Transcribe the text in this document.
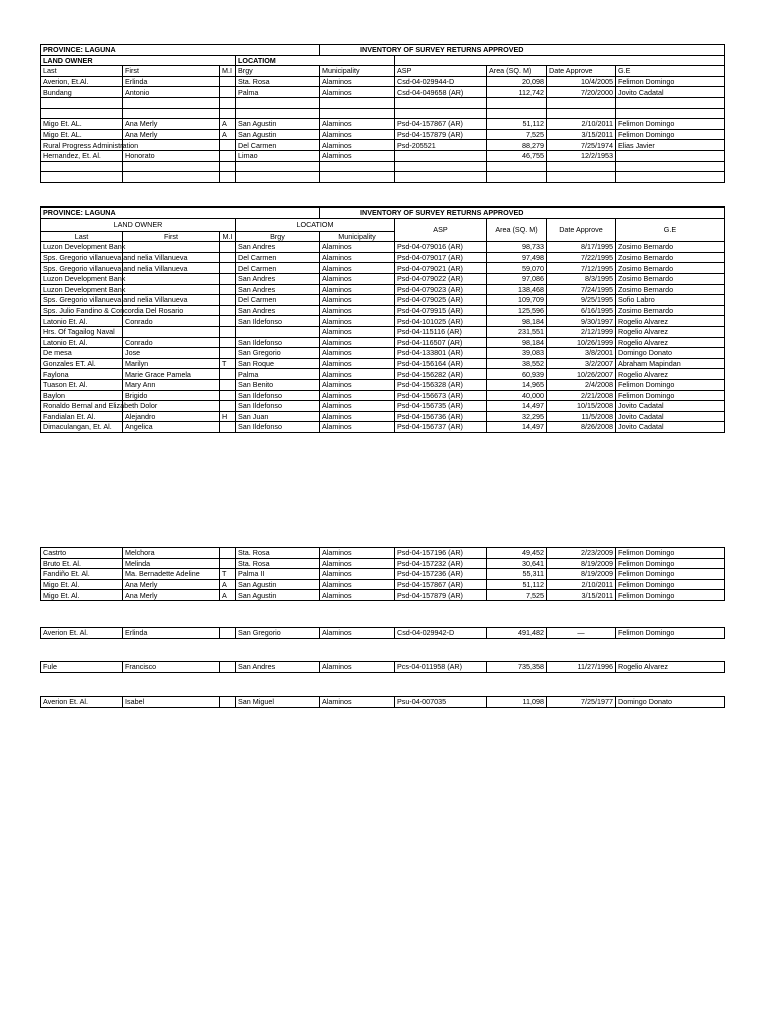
PROVINCE: LAGUNA				INVENTORY OF SURVEY RETURNS APPROVED				
LAND OWNER			LOCATIOM					
Last	First	M.I	Brgy	Municipality	ASP	Area (SQ. M)	Date Approve	G.E
Averion, Et.Al.	Erlinda		Sta. Rosa	Alaminos	Csd-04-029944-D	20,098	10/4/2005	Felimon Domingo
Bundang	Antonio		Palma	Alaminos	Csd-04-049658 (AR)	112,742	7/20/2000	Jovito Cadatal

Migo Et. AL.	Ana Merly	A	San Agustin	Alaminos	Psd-04-157867 (AR)	51,112	2/10/2011	Felimon Domingo
Migo Et. AL.	Ana Merly	A	San Agustin	Alaminos	Psd-04-157879 (AR)	7,525	3/15/2011	Felimon Domingo
Rural Progress Administration			Del Carmen	Alaminos	Psd-205521	88,279	7/25/1974	Elias Javier
Hernandez, Et. Al.	Honorato		Limao	Alaminos		46,755	12/2/1953	

PROVINCE: LAGUNA				INVENTORY OF SURVEY RETURNS APPROVED				
LAND OWNER			LOCATIOM		ASP	Area (SQ. M)	Date Approve	G.E
Last	First	M.I	Brgy	Municipality				
Luzon Development Bank			San Andres	Alaminos	Psd-04-079016 (AR)	98,733	8/17/1995	Zosimo Bernardo
Sps. Gregorio villanueva and nelia Villanueva			Del Carmen	Alaminos	Psd-04-079017 (AR)	97,498	7/22/1995	Zosimo Bernardo
Sps. Gregorio villanueva and nelia Villanueva			Del Carmen	Alaminos	Psd-04-079021 (AR)	59,070	7/12/1995	Zosimo Bernardo
Luzon Development Bank			San Andres	Alaminos	Psd-04-079022 (AR)	97,086	8/3/1995	Zosimo Bernardo
Luzon Development Bank			San Andres	Alaminos	Psd-04-079023 (AR)	138,468	7/24/1995	Zosimo Bernardo
Sps. Gregorio villanueva and nelia Villanueva			Del Carmen	Alaminos	Psd-04-079025 (AR)	109,709	9/25/1995	Sofio Labro
Sps. Julio Fandino & Concordia Del Rosario			San Andres	Alaminos	Psd-04-079915 (AR)	125,596	6/16/1995	Zosimo Bernardo
Latonio Et. Al.	Conrado		San Ildefonso	Alaminos	Psd-04-101025 (AR)	98,184	9/30/1997	Rogelio Alvarez
Hrs. Of Tagailog Naval				Alaminos	Psd-04-115116 (AR)	231,551	2/12/1999	Rogelio Alvarez
Latonio Et. Al.	Conrado		San Ildefonso	Alaminos	Psd-04-116507 (AR)	98,184	10/26/1999	Rogelio Alvarez
De mesa	Jose		San Gregorio	Alaminos	Psd-04-133801 (AR)	39,083	3/8/2001	Domingo Donato
Gonzales ET. Al.	Marilyn	T	San Roque	Alaminos	Psd-04-156164 (AR)	38,552	3/2/2007	Abraham Mapindan
Faylona	Marie Grace Pamela		Palma	Alaminos	Psd-04-156282 (AR)	60,939	10/26/2007	Rogelio Alvarez
Tuason Et. Al.	Mary Ann		San Benito	Alaminos	Psd-04-156328 (AR)	14,965	2/4/2008	Felimon Domingo
Baylon	Brigido		San Ildefonso	Alaminos	Psd-04-156673 (AR)	40,000	2/21/2008	Felimon Domingo
Ronaldo Bernal and Elizabeth Dolor			San Ildefonso	Alaminos	Psd-04-156735 (AR)	14,497	10/15/2008	Jovito Cadatal
Fandialan Et. Al.	Alejandro	H	San Juan	Alaminos	Psd-04-156736 (AR)	32,295	11/5/2008	Jovito Cadatal
Dimaculangan, Et. Al.	Angelica		San Ildefonso	Alaminos	Psd-04-156737 (AR)	14,497	8/26/2008	Jovito Cadatal
Castrto	Melchora		Sta. Rosa	Alaminos	Psd-04-157196 (AR)	49,452	2/23/2009	Felimon Domingo
Bruto Et. Al.	Melinda		Sta. Rosa	Alaminos	Psd-04-157232 (AR)	30,641	8/19/2009	Felimon Domingo
Fandiño Et. Al.	Ma. Bernadette Adeline	T	Palma II	Alaminos	Psd-04-157236 (AR)	55,311	8/19/2009	Felimon Domingo
Migo Et. Al.	Ana Merly	A	San Agustin	Alaminos	Psd-04-157867 (AR)	51,112	2/10/2011	Felimon Domingo
Migo Et. Al.	Ana Merly	A	San Agustin	Alaminos	Psd-04-157879 (AR)	7,525	3/15/2011	Felimon Domingo
Averion Et. Al.	Erlinda		San Gregorio	Alaminos	Csd-04-029942-D	491,482	—	Felimon Domingo
Fule	Francisco		San Andres	Alaminos	Pcs-04-011958 (AR)	735,358	11/27/1996	Rogelio Alvarez
Averion Et. Al.	Isabel		San Miguel	Alaminos	Psu-04-007035	11,098	7/25/1977	Domingo Donato
